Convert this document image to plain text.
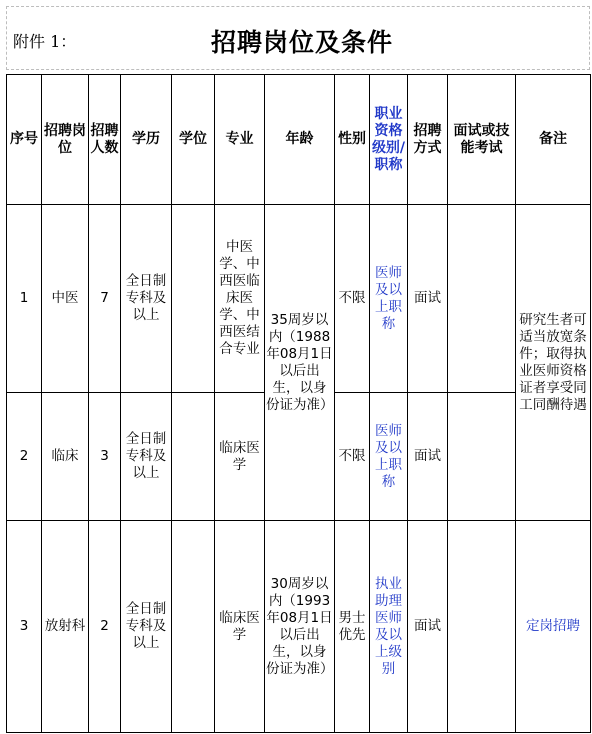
附件 1：	招聘岗位及条件
序号	招聘岗位	招聘人数	学历	学位	专业	年龄	性别	职业资格级别/职称	招聘方式	面试或技能考试	备注
1	中医	7	全日制专科及以上		中医学、中西医临床医学、中西医结合专业	35周岁以内（1988年08月1日以后出生，以身份证为准）	不限	医师及以上职称	面试		研究生者可适当放宽条件；取得执业医师资格证者享受同工同酬待遇
2	临床	3	全日制专科及以上		临床医学		不限	医师及以上职称	面试		
3	放射科	2	全日制专科及以上		临床医学	30周岁以内（1993年08月1日以后出生，以身份证为准）	男士优先	执业助理医师及以上级别	面试		定岗招聘
